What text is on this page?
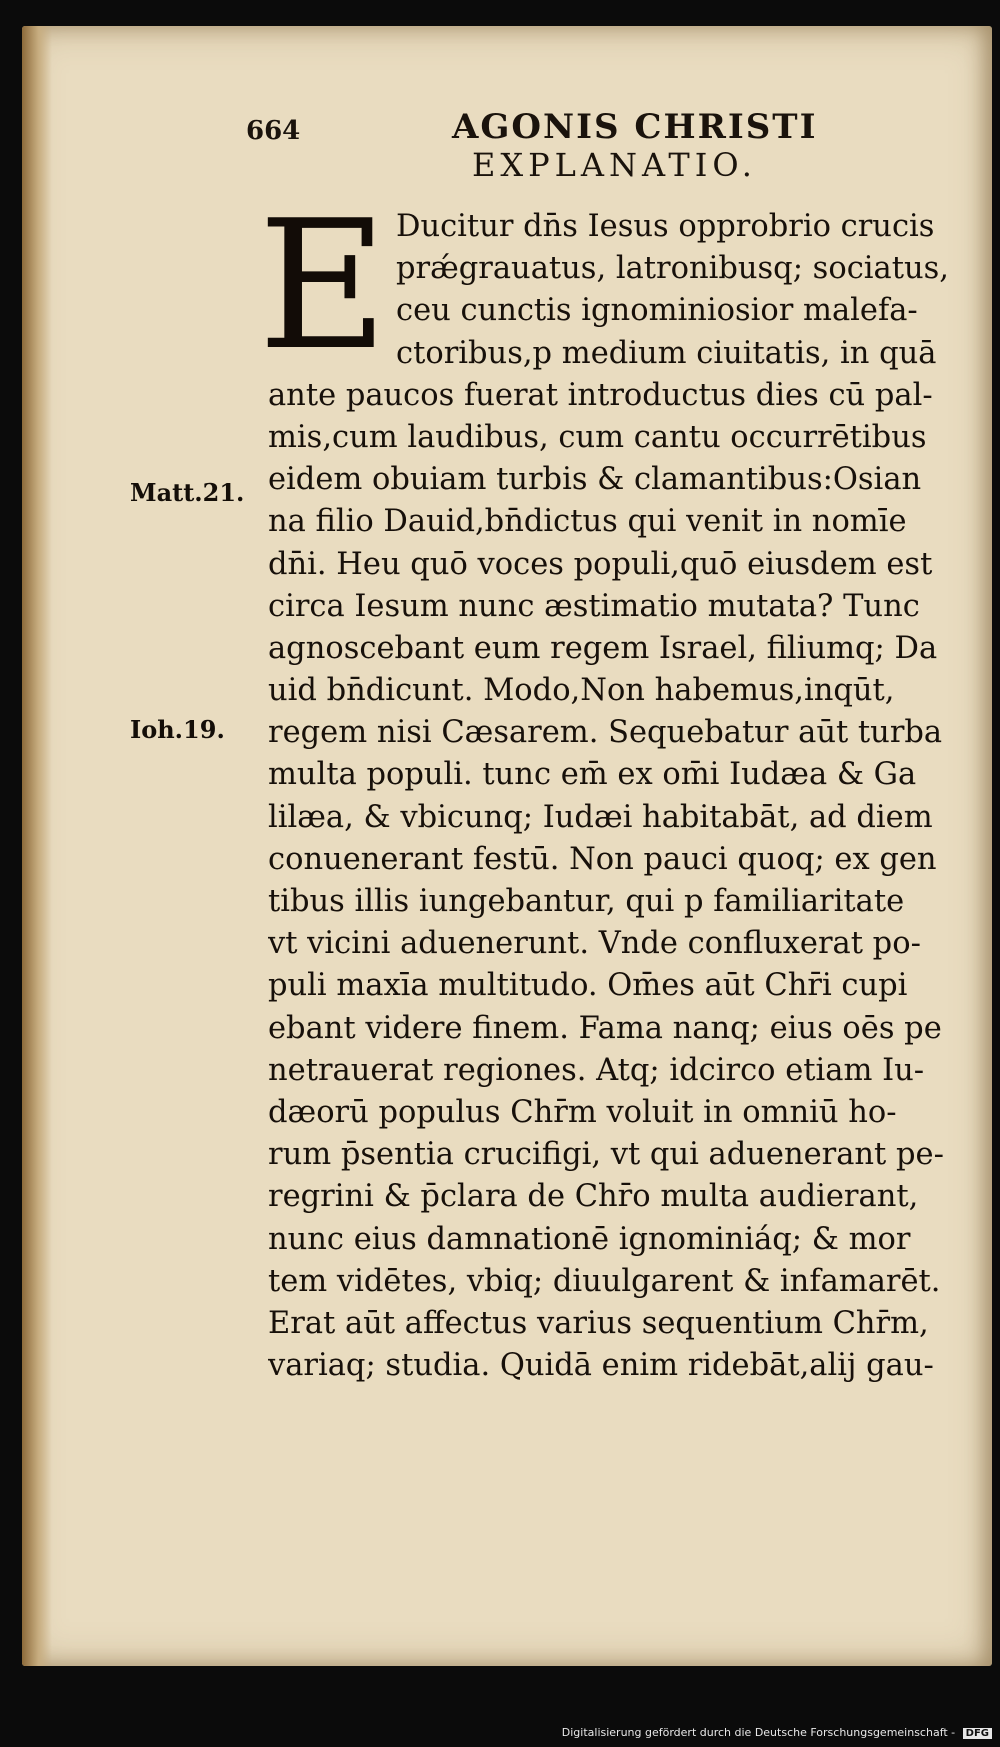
664	AGONIS CHRISTI
EXPLANATIO.
E Ducitur dn̄s Iesus opprobrio crucis
prǽgrauatus, latronibusq; sociatus,
ceu cunctis ignominiosior malefa-
ctoribus,p medium ciuitatis, in quā
ante paucos fuerat introductus dies cū pal-
mis,cum laudibus, cum cantu occurrētibus
eidem obuiam turbis & clamantibus:Osian
na filio Dauid,bn̄dictus qui venit in nomīe
dn̄i. Heu quō voces populi,quō eiusdem est
circa Iesum nunc æstimatio mutata? Tunc
agnoscebant eum regem Israel, filiumq; Da
uid bn̄dicunt. Modo,Non habemus,inqūt,
regem nisi Cæsarem. Sequebatur aūt turba
multa populi. tunc em̄ ex om̄i Iudæa & Ga
lilæa, & vbicunq; Iudæi habitabāt, ad diem
conuenerant festū. Non pauci quoq; ex gen
tibus illis iungebantur, qui p familiaritate
vt vicini aduenerunt. Vnde confluxerat po-
puli maxīa multitudo. Om̄es aūt Chr̄i cupi
ebant videre finem. Fama nanq; eius oēs pe
netrauerat regiones. Atq; idcirco etiam Iu-
dæorū populus Chr̄m voluit in omniū ho-
rum p̄sentia crucifigi, vt qui aduenerant pe-
regrini & p̄clara de Chr̄o multa audierant,
nunc eius damnationē ignominiáq; & mor
tem vidētes, vbiq; diuulgarent & infamarēt.
Erat aūt affectus varius sequentium Chr̄m,
variaq; studia. Quidā enim ridebāt,alij gau-
Matt.21.
Ioh.19.
Digitalisierung gefördert durch die Deutsche Forschungsgemeinschaft - DFG
